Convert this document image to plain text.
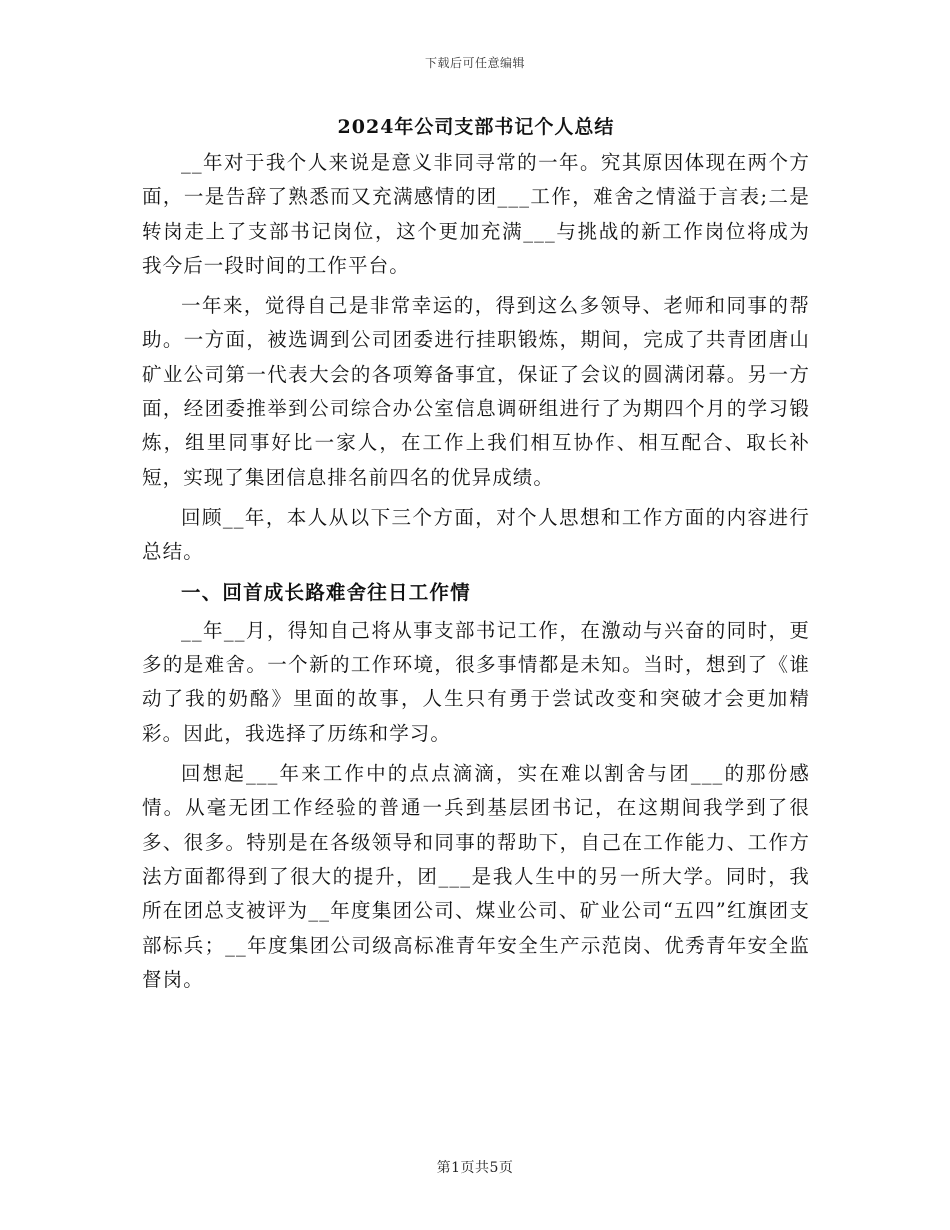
下载后可任意编辑
2024年公司支部书记个人总结

__年对于我个人来说是意义非同寻常的一年。究其原因体现在两个方面，一是告辞了熟悉而又充满感情的团___工作，难舍之情溢于言表;二是转岗走上了支部书记岗位，这个更加充满___与挑战的新工作岗位将成为我今后一段时间的工作平台。

一年来，觉得自己是非常幸运的，得到这么多领导、老师和同事的帮助。一方面，被选调到公司团委进行挂职锻炼，期间，完成了共青团唐山矿业公司第一代表大会的各项筹备事宜，保证了会议的圆满闭幕。另一方面，经团委推举到公司综合办公室信息调研组进行了为期四个月的学习锻炼，组里同事好比一家人，在工作上我们相互协作、相互配合、取长补短，实现了集团信息排名前四名的优异成绩。

回顾__年，本人从以下三个方面，对个人思想和工作方面的内容进行总结。

一、回首成长路难舍往日工作情

__年__月，得知自己将从事支部书记工作，在激动与兴奋的同时，更多的是难舍。一个新的工作环境，很多事情都是未知。当时，想到了《谁动了我的奶酪》里面的故事，人生只有勇于尝试改变和突破才会更加精彩。因此，我选择了历练和学习。

回想起___年来工作中的点点滴滴，实在难以割舍与团___的那份感情。从毫无团工作经验的普通一兵到基层团书记，在这期间我学到了很多、很多。特别是在各级领导和同事的帮助下，自己在工作能力、工作方法方面都得到了很大的提升，团___是我人生中的另一所大学。同时，我所在团总支被评为__年度集团公司、煤业公司、矿业公司“五四”红旗团支部标兵；__年度集团公司级高标准青年安全生产示范岗、优秀青年安全监督岗。

第1页共5页
